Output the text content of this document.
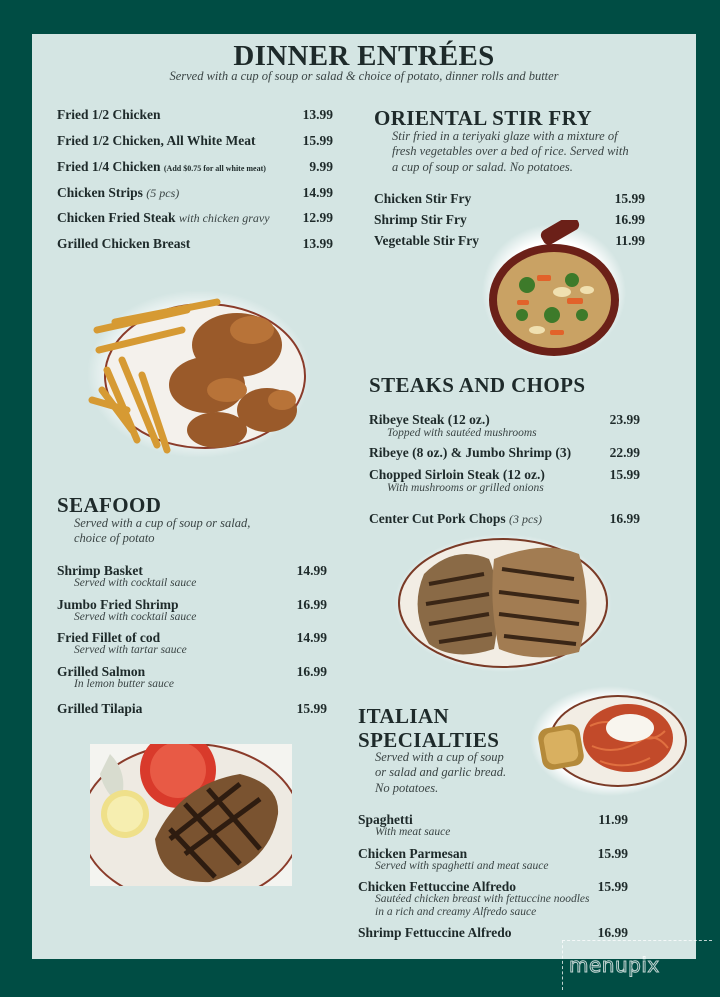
DINNER ENTRÉES
Served with a cup of soup or salad & choice of potato, dinner rolls and butter
Fried 1/2 Chicken	13.99
Fried 1/2 Chicken, All White Meat	15.99
Fried 1/4 Chicken (Add $0.75 for all white meat)	9.99
Chicken Strips (5 pcs)	14.99
Chicken Fried Steak with chicken gravy	12.99
Grilled Chicken Breast	13.99
ORIENTAL STIR FRY
Stir fried in a teriyaki glaze with a mixture of
fresh vegetables over a bed of rice. Served with
a cup of soup or salad. No potatoes.
Chicken Stir Fry	15.99
Shrimp Stir Fry	16.99
Vegetable Stir Fry	11.99
STEAKS AND CHOPS
Ribeye Steak (12 oz.)	23.99
Topped with sautéed mushrooms
Ribeye (8 oz.) & Jumbo Shrimp (3)	22.99
Chopped Sirloin Steak (12 oz.)	15.99
With mushrooms or grilled onions
Center Cut Pork Chops (3 pcs)	16.99
SEAFOOD
Served with a cup of soup or salad,
choice of potato
Shrimp Basket	14.99
Served with cocktail sauce
Jumbo Fried Shrimp	16.99
Served with cocktail sauce
Fried Fillet of cod	14.99
Served with tartar sauce
Grilled Salmon	16.99
In lemon butter sauce
Grilled Tilapia	15.99 ITALIAN
SPECIALTIES
Served with a cup of soup
or salad and garlic bread.
No potatoes.
Spaghetti	11.99
With meat sauce
Chicken Parmesan	15.99
Served with spaghetti and meat sauce
Chicken Fettuccine Alfredo	15.99
Sautéed chicken breast with fettuccine noodles
in a rich and creamy Alfredo sauce
Shrimp Fettuccine Alfredo	16.99
menupix
